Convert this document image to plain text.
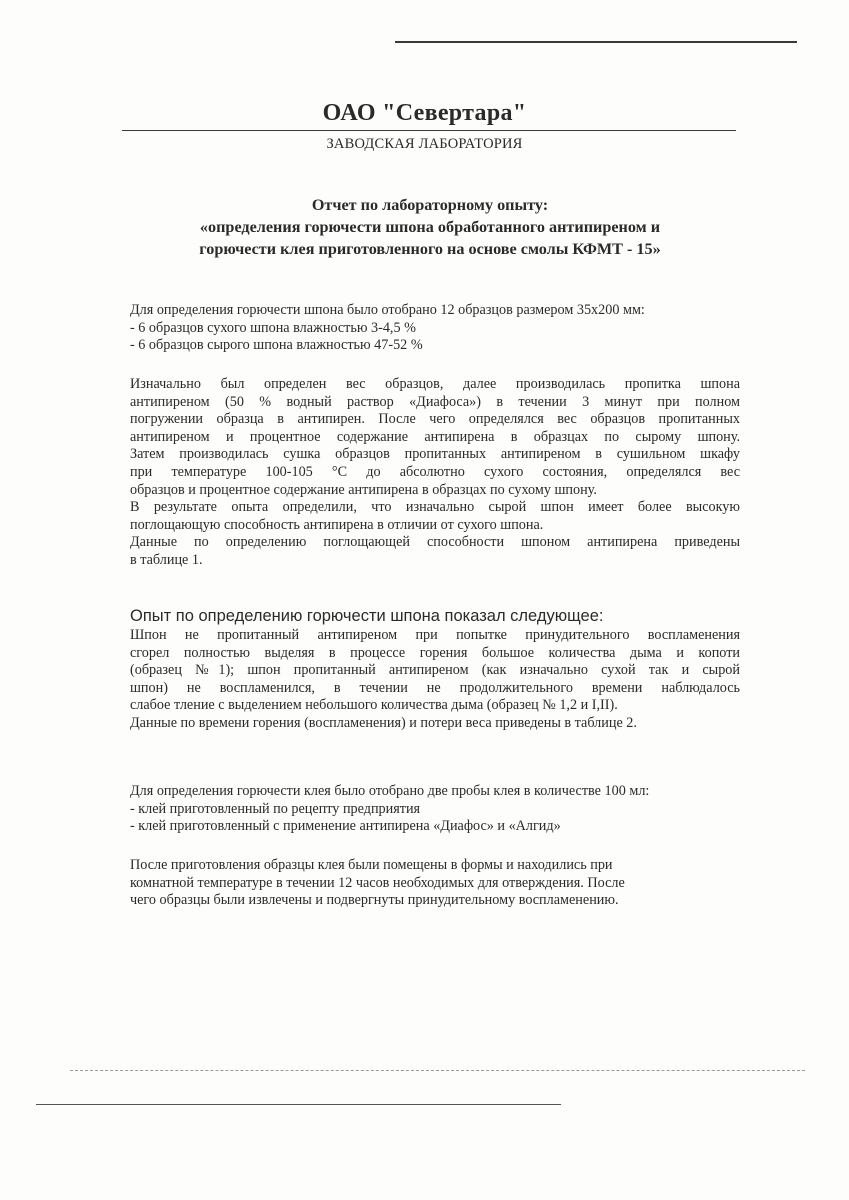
ОАО "Севертара"
ЗАВОДСКАЯ ЛАБОРАТОРИЯ
Отчет по лабораторному опыту:
«определения горючести шпона обработанного антипиреном и
горючести клея приготовленного на основе смолы КФМТ - 15»
Для определения горючести шпона было отобрано 12 образцов размером 35х200 мм:
- 6 образцов сухого шпона влажностью 3-4,5 %
- 6 образцов сырого шпона влажностью 47-52 %
Изначально был определен вес образцов, далее производилась пропитка шпона
антипиреном (50 % водный раствор «Диафоса») в течении 3 минут при полном
погружении образца в антипирен. После чего определялся вес образцов пропитанных
антипиреном и процентное содержание антипирена в образцах по сырому шпону.
Затем производилась сушка образцов пропитанных антипиреном в сушильном шкафу
при температуре 100-105 °С до абсолютно сухого состояния, определялся вес
образцов и процентное содержание антипирена в образцах по сухому шпону.
В результате опыта определили, что изначально сырой шпон имеет более высокую
поглощающую способность антипирена в отличии от сухого шпона.
Данные по определению поглощающей способности шпоном антипирена приведены
в таблице 1.
Опыт по определению горючести шпона показал следующее:
Шпон не пропитанный антипиреном при попытке принудительного воспламенения
сгорел полностью выделяя в процессе горения большое количества дыма и копоти
(образец №1); шпон пропитанный антипиреном (как изначально сухой так и сырой
шпон) не воспламенился, в течении не продолжительного времени наблюдалось
слабое тление с выделением небольшого количества дыма (образец № 1,2 и I,II).
Данные по времени горения (воспламенения) и потери веса приведены в таблице 2.
Для определения горючести клея было отобрано две пробы клея в количестве 100 мл:
- клей приготовленный по рецепту предприятия
- клей приготовленный с применение антипирена «Диафос» и «Алгид»
После приготовления образцы клея были помещены в формы и находились при
комнатной температуре в течении 12 часов необходимых для отверждения. После
чего образцы были извлечены и подвергнуты принудительному воспламенению.
